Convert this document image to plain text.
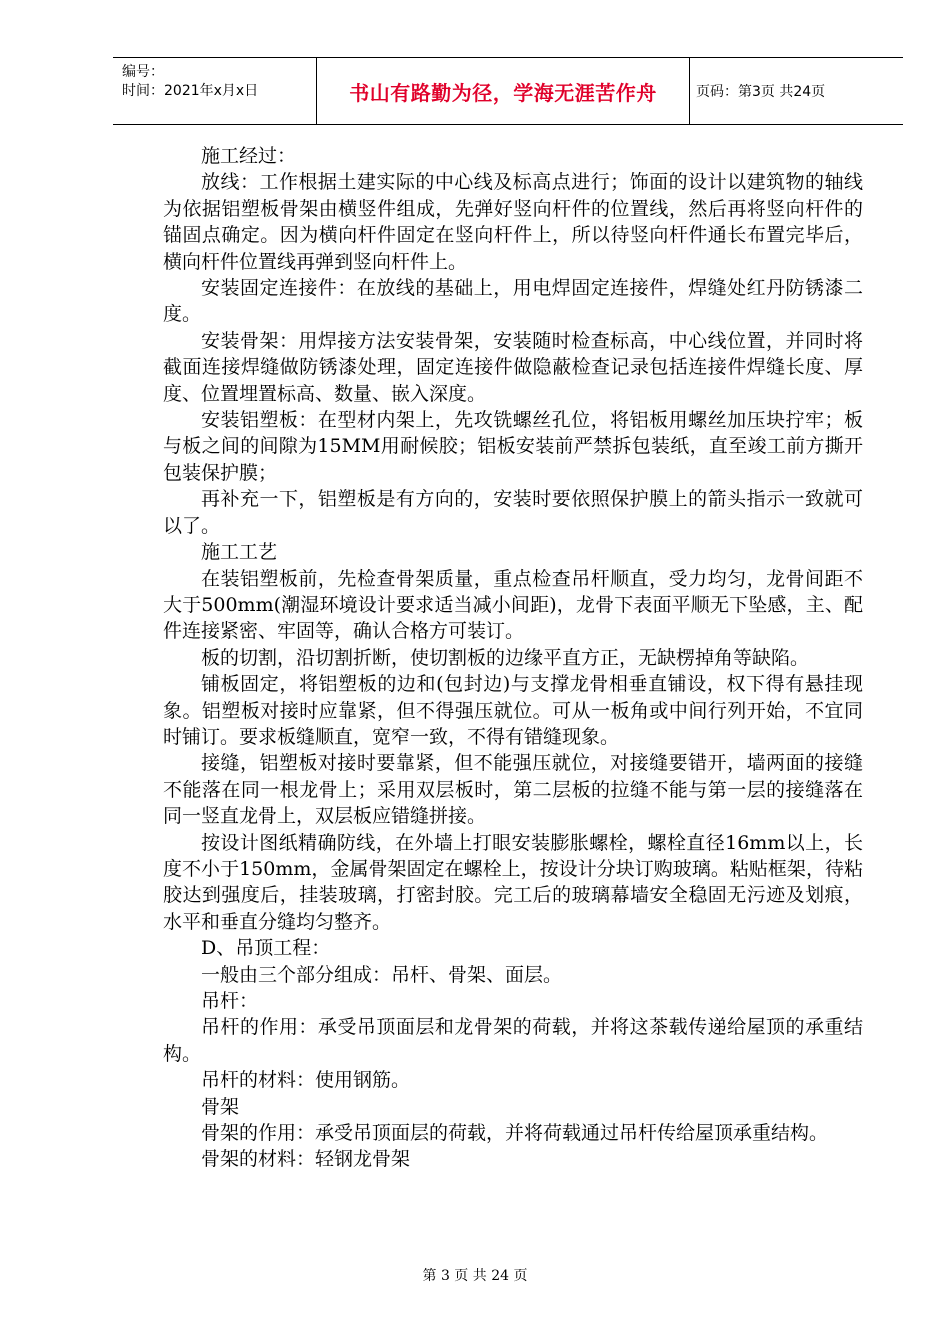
编号：
时间：2021年x月x日	书山有路勤为径，学海无涯苦作舟	页码：第3页 共24页

施工经过：

放线：工作根据土建实际的中心线及标高点进行；饰面的设计以建筑物的轴线为依据铝塑板骨架由横竖件组成，先弹好竖向杆件的位置线，然后再将竖向杆件的锚固点确定。因为横向杆件固定在竖向杆件上，所以待竖向杆件通长布置完毕后，横向杆件位置线再弹到竖向杆件上。

安装固定连接件：在放线的基础上，用电焊固定连接件，焊缝处红丹防锈漆二度。

安装骨架：用焊接方法安装骨架，安装随时检查标高，中心线位置，并同时将截面连接焊缝做防锈漆处理，固定连接件做隐蔽检查记录包括连接件焊缝长度、厚度、位置埋置标高、数量、嵌入深度。

安装铝塑板：在型材内架上，先攻铣螺丝孔位，将铝板用螺丝加压块拧牢；板与板之间的间隙为15MM用耐候胶；铝板安装前严禁拆包装纸，直至竣工前方撕开包装保护膜；

再补充一下，铝塑板是有方向的，安装时要依照保护膜上的箭头指示一致就可以了。

施工工艺

在装铝塑板前，先检查骨架质量，重点检查吊杆顺直，受力均匀，龙骨间距不大于500mm(潮湿环境设计要求适当减小间距)，龙骨下表面平顺无下坠感，主、配件连接紧密、牢固等，确认合格方可装订。

板的切割，沿切割折断，使切割板的边缘平直方正，无缺楞掉角等缺陷。

铺板固定，将铝塑板的边和(包封边)与支撑龙骨相垂直铺设，权下得有悬挂现象。铝塑板对接时应靠紧，但不得强压就位。可从一板角或中间行列开始，不宜同时铺订。要求板缝顺直，宽窄一致，不得有错缝现象。

接缝，铝塑板对接时要靠紧，但不能强压就位，对接缝要错开，墙两面的接缝不能落在同一根龙骨上；采用双层板时，第二层板的拉缝不能与第一层的接缝落在同一竖直龙骨上，双层板应错缝拼接。

按设计图纸精确防线，在外墙上打眼安装膨胀螺栓，螺栓直径16mm以上，长度不小于150mm，金属骨架固定在螺栓上，按设计分块订购玻璃。粘贴框架，待粘胶达到强度后，挂装玻璃，打密封胶。完工后的玻璃幕墙安全稳固无污迹及划痕，水平和垂直分缝均匀整齐。

D、吊顶工程：

一般由三个部分组成：吊杆、骨架、面层。

吊杆：

吊杆的作用：承受吊顶面层和龙骨架的荷载，并将这茶载传递给屋顶的承重结构。

吊杆的材料：使用钢筋。

骨架

骨架的作用：承受吊顶面层的荷载，并将荷载通过吊杆传给屋顶承重结构。

骨架的材料：轻钢龙骨架

第 3 页 共 24 页
